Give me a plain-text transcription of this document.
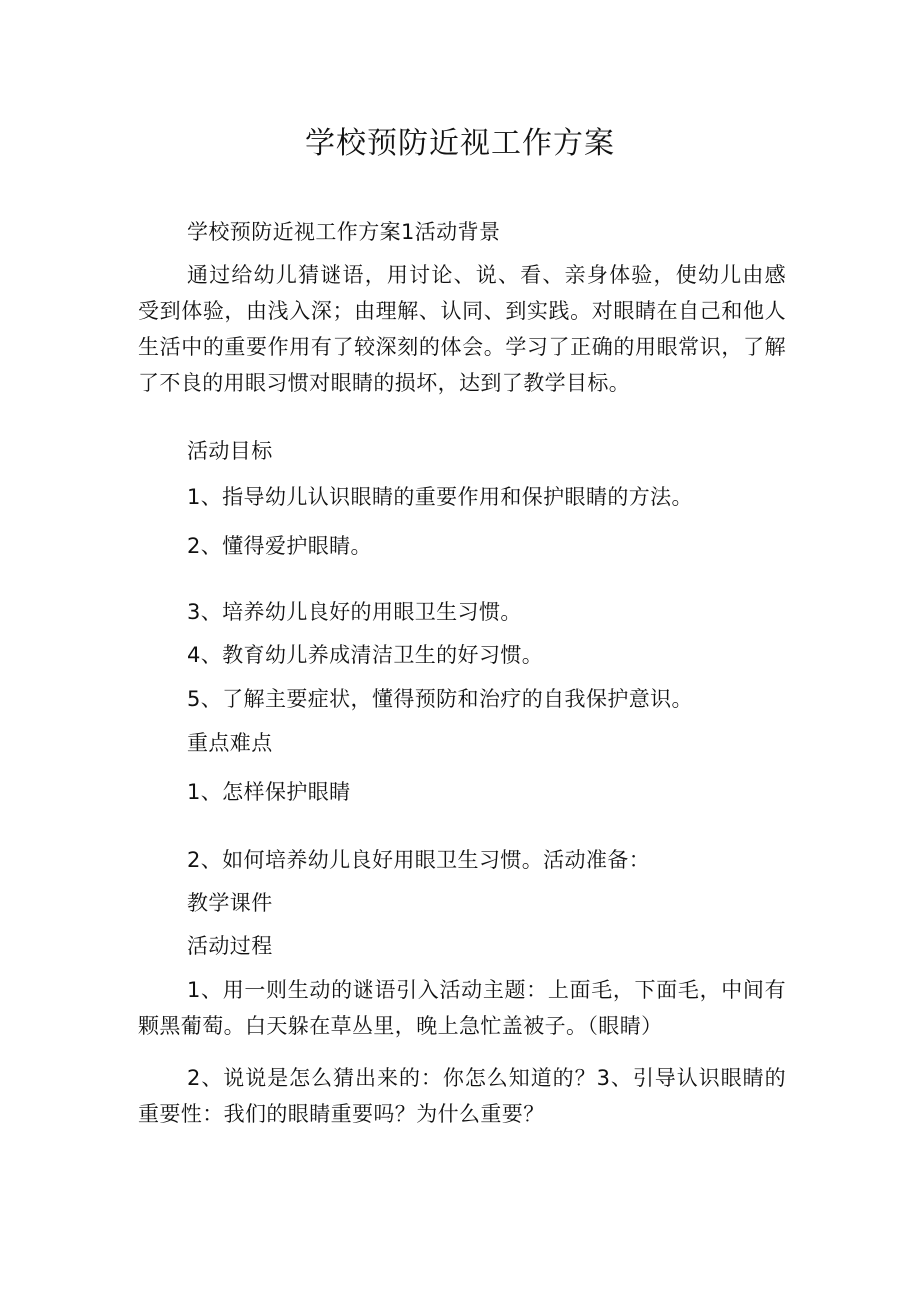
学校预防近视工作方案

学校预防近视工作方案1活动背景

通过给幼儿猜谜语，用讨论、说、看、亲身体验，使幼儿由感受到体验，由浅入深；由理解、认同、到实践。对眼睛在自己和他人生活中的重要作用有了较深刻的体会。学习了正确的用眼常识，了解了不良的用眼习惯对眼睛的损坏，达到了教学目标。

活动目标

1、指导幼儿认识眼睛的重要作用和保护眼睛的方法。

2、懂得爱护眼睛。

3、培养幼儿良好的用眼卫生习惯。

4、教育幼儿养成清洁卫生的好习惯。

5、了解主要症状，懂得预防和治疗的自我保护意识。

重点难点

1、怎样保护眼睛

2、如何培养幼儿良好用眼卫生习惯。活动准备：

教学课件

活动过程

1、用一则生动的谜语引入活动主题：上面毛，下面毛，中间有颗黑葡萄。白天躲在草丛里，晚上急忙盖被子。（眼睛）

2、说说是怎么猜出来的：你怎么知道的？3、引导认识眼睛的重要性：我们的眼睛重要吗？为什么重要？
